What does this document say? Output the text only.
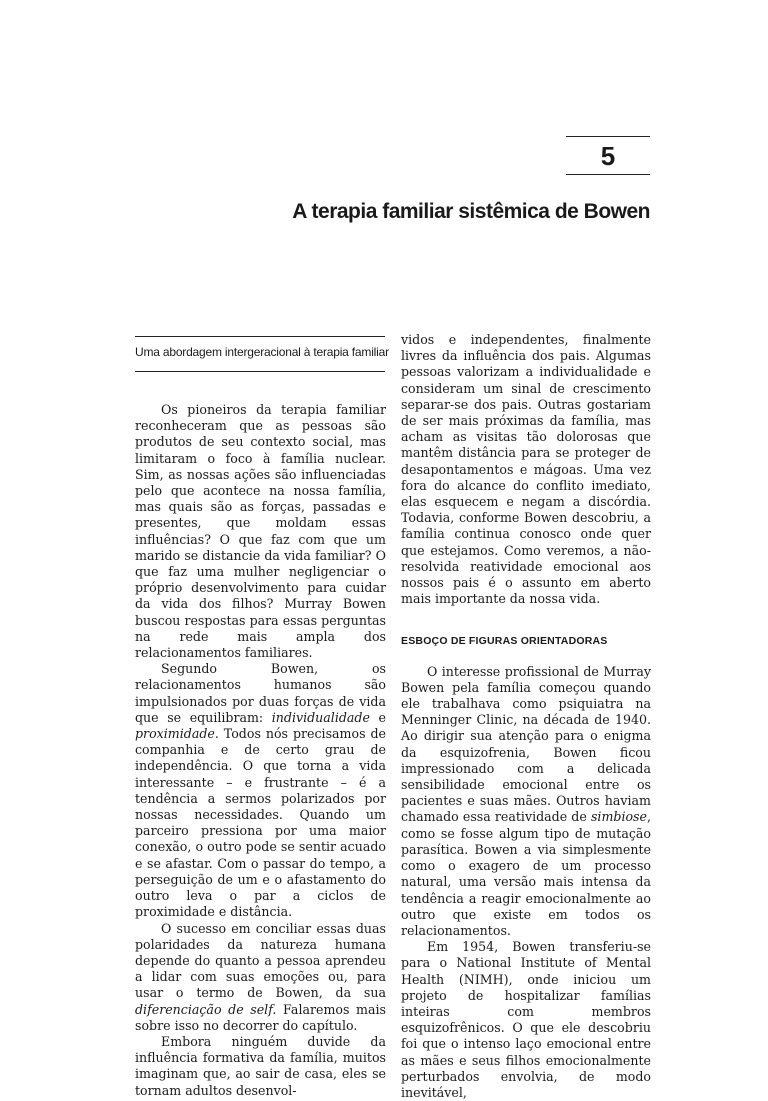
5
A terapia familiar sistêmica de Bowen
Uma abordagem intergeracional à terapia familiar

Os pioneiros da terapia familiar reconheceram que as pessoas são produtos de seu contexto social, mas limitaram o foco à família nuclear. Sim, as nossas ações são influenciadas pelo que acontece na nossa família, mas quais são as forças, passadas e presentes, que moldam essas influências? O que faz com que um marido se distancie da vida familiar? O que faz uma mulher negligenciar o próprio desenvolvimento para cuidar da vida dos filhos? Murray Bowen buscou respostas para essas perguntas na rede mais ampla dos relacionamentos familiares.

Segundo Bowen, os relacionamentos humanos são impulsionados por duas forças de vida que se equilibram: individualidade e proximidade. Todos nós precisamos de companhia e de certo grau de independência. O que torna a vida interessante – e frustrante – é a tendência a sermos polarizados por nossas necessidades. Quando um parceiro pressiona por uma maior conexão, o outro pode se sentir acuado e se afastar. Com o passar do tempo, a perseguição de um e o afastamento do outro leva o par a ciclos de proximidade e distância.

O sucesso em conciliar essas duas polaridades da natureza humana depende do quanto a pessoa aprendeu a lidar com suas emoções ou, para usar o termo de Bowen, da sua diferenciação de self. Falaremos mais sobre isso no decorrer do capítulo.

Embora ninguém duvide da influência formativa da família, muitos imaginam que, ao sair de casa, eles se tornam adultos desenvol-

vidos e independentes, finalmente livres da influência dos pais. Algumas pessoas valorizam a individualidade e consideram um sinal de crescimento separar-se dos pais. Outras gostariam de ser mais próximas da família, mas acham as visitas tão dolorosas que mantêm distância para se proteger de desapontamentos e mágoas. Uma vez fora do alcance do conflito imediato, elas esquecem e negam a discórdia. Todavia, conforme Bowen descobriu, a família continua conosco onde quer que estejamos. Como veremos, a não-resolvida reatividade emocional aos nossos pais é o assunto em aberto mais importante da nossa vida.

ESBOÇO DE FIGURAS ORIENTADORAS

O interesse profissional de Murray Bowen pela família começou quando ele trabalhava como psiquiatra na Menninger Clinic, na década de 1940. Ao dirigir sua atenção para o enigma da esquizofrenia, Bowen ficou impressionado com a delicada sensibilidade emocional entre os pacientes e suas mães. Outros haviam chamado essa reatividade de simbiose, como se fosse algum tipo de mutação parasítica. Bowen a via simplesmente como o exagero de um processo natural, uma versão mais intensa da tendência a reagir emocionalmente ao outro que existe em todos os relacionamentos.

Em 1954, Bowen transferiu-se para o National Institute of Mental Health (NIMH), onde iniciou um projeto de hospitalizar famílias inteiras com membros esquizofrênicos. O que ele descobriu foi que o intenso laço emocional entre as mães e seus filhos emocionalmente perturbados envolvia, de modo inevitável,
